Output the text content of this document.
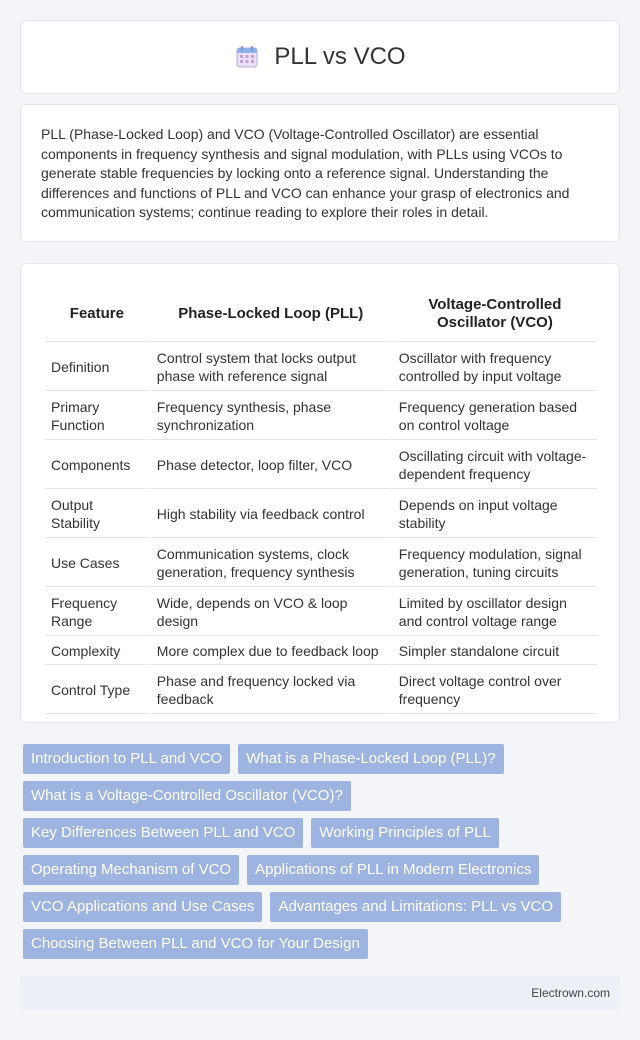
PLL vs VCO

PLL (Phase-Locked Loop) and VCO (Voltage-Controlled Oscillator) are essential components in frequency synthesis and signal modulation, with PLLs using VCOs to generate stable frequencies by locking onto a reference signal. Understanding the differences and functions of PLL and VCO can enhance your grasp of electronics and communication systems; continue reading to explore their roles in detail.

Feature	Phase-Locked Loop (PLL)	Voltage-Controlled Oscillator (VCO)
Definition	Control system that locks output phase with reference signal	Oscillator with frequency controlled by input voltage
Primary Function	Frequency synthesis, phase synchronization	Frequency generation based on control voltage
Components	Phase detector, loop filter, VCO	Oscillating circuit with voltage-dependent frequency
Output Stability	High stability via feedback control	Depends on input voltage stability
Use Cases	Communication systems, clock generation, frequency synthesis	Frequency modulation, signal generation, tuning circuits
Frequency Range	Wide, depends on VCO & loop design	Limited by oscillator design and control voltage range
Complexity	More complex due to feedback loop	Simpler standalone circuit
Control Type	Phase and frequency locked via feedback	Direct voltage control over frequency
Introduction to PLL and VCO	What is a Phase-Locked Loop (PLL)?
What is a Voltage-Controlled Oscillator (VCO)?
Key Differences Between PLL and VCO	Working Principles of PLL
Operating Mechanism of VCO	Applications of PLL in Modern Electronics
VCO Applications and Use Cases	Advantages and Limitations: PLL vs VCO
Choosing Between PLL and VCO for Your Design
Electrown.com
